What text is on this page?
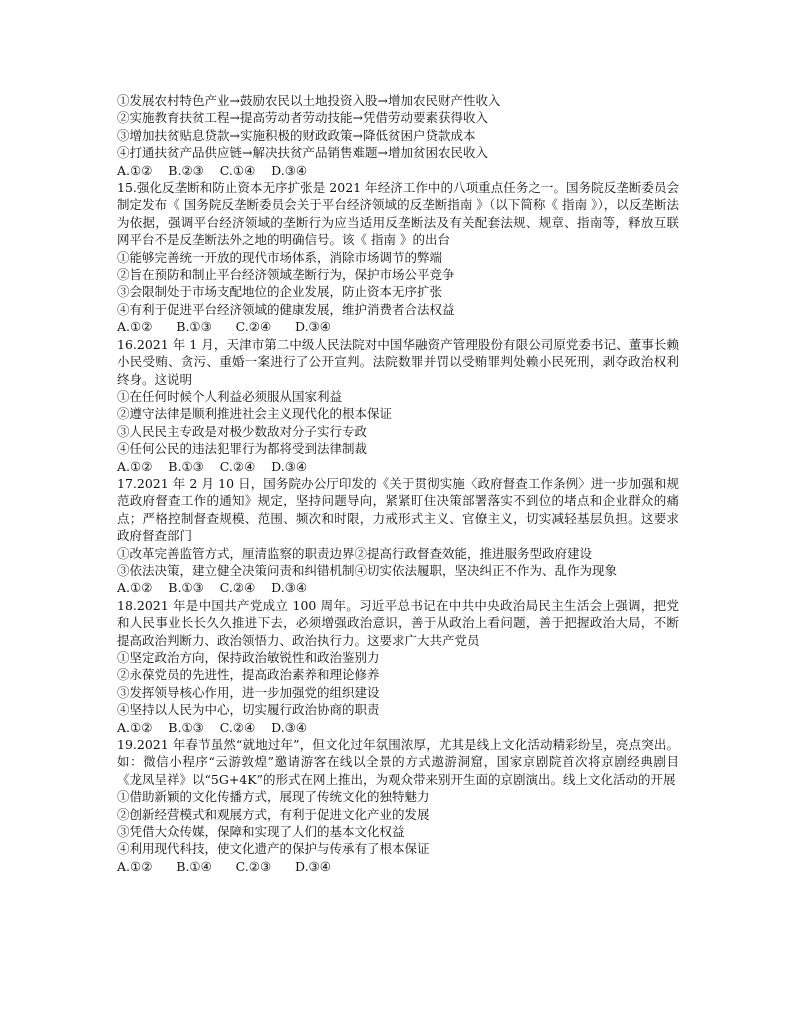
①发展农村特色产业→鼓励农民以土地投资入股→增加农民财产性收入
②实施教育扶贫工程→提高劳动者劳动技能→凭借劳动要素获得收入
③增加扶贫贴息贷款→实施积极的财政政策→降低贫困户贷款成本
④打通扶贫产品供应链→解决扶贫产品销售难题→增加贫困农民收入
A.①②    B.②③    C.①④    D.③④
15.强化反垄断和防止资本无序扩张是 2021 年经济工作中的八项重点任务之一。国务院反垄断委员会制定发布《 国务院反垄断委员会关于平台经济领域的反垄断指南 》（以下简称《 指南 》），以反垄断法为依据，强调平台经济领域的垄断行为应当适用反垄断法及有关配套法规、规章、指南等，释放互联网平台不是反垄断法外之地的明确信号。该《 指南 》的出台
①能够完善统一开放的现代市场体系，消除市场调节的弊端
②旨在预防和制止平台经济领域垄断行为，保护市场公平竞争
③会限制处于市场支配地位的企业发展，防止资本无序扩张
④有利于促进平台经济领域的健康发展，维护消费者合法权益
A.①②      B.①③      C.②④      D.③④
16.2021 年 1 月，天津市第二中级人民法院对中国华融资产管理股份有限公司原党委书记、董事长赖小民受贿、贪污、重婚一案进行了公开宣判。法院数罪并罚以受贿罪判处赖小民死刑，剥夺政治权利终身。这说明
①在任何时候个人利益必须服从国家利益
②遵守法律是顺利推进社会主义现代化的根本保证
③人民民主专政是对极少数敌对分子实行专政
④任何公民的违法犯罪行为都将受到法律制裁
A.①②    B.①③    C.②④    D.③④
17.2021 年 2 月 10 日，国务院办公厅印发的《关于贯彻实施〈政府督查工作条例〉进一步加强和规范政府督查工作的通知》规定，坚持问题导向，紧紧盯住决策部署落实不到位的堵点和企业群众的痛点；严格控制督查规模、范围、频次和时限，力戒形式主义、官僚主义，切实减轻基层负担。这要求政府督查部门
①改革完善监管方式，厘清监察的职责边界②提高行政督查效能，推进服务型政府建设
③依法决策，建立健全决策问责和纠错机制④切实依法履职，坚决纠正不作为、乱作为现象
A.①②    B.①③    C.②④    D.③④
18.2021 年是中国共产党成立 100 周年。习近平总书记在中共中央政治局民主生活会上强调，把党和人民事业长长久久推进下去，必须增强政治意识，善于从政治上看问题，善于把握政治大局，不断提高政治判断力、政治领悟力、政治执行力。这要求广大共产党员
①坚定政治方向，保持政治敏锐性和政治鉴别力
②永葆党员的先进性，提高政治素养和理论修养
③发挥领导核心作用，进一步加强党的组织建设
④坚持以人民为中心，切实履行政治协商的职责
A.①②    B.①③    C.②④    D.③④
19.2021 年春节虽然“就地过年”，但文化过年氛围浓厚，尤其是线上文化活动精彩纷呈，亮点突出。如：微信小程序“云游敦煌”邀请游客在线以全景的方式遨游洞窟，国家京剧院首次将京剧经典剧目《龙凤呈祥》以“5G+4K”的形式在网上推出，为观众带来别开生面的京剧演出。线上文化活动的开展
①借助新颖的文化传播方式，展现了传统文化的独特魅力
②创新经营模式和观展方式，有利于促进文化产业的发展
③凭借大众传媒，保障和实现了人们的基本文化权益
④利用现代科技，使文化遗产的保护与传承有了根本保证
A.①②      B.①④      C.②③      D.③④
